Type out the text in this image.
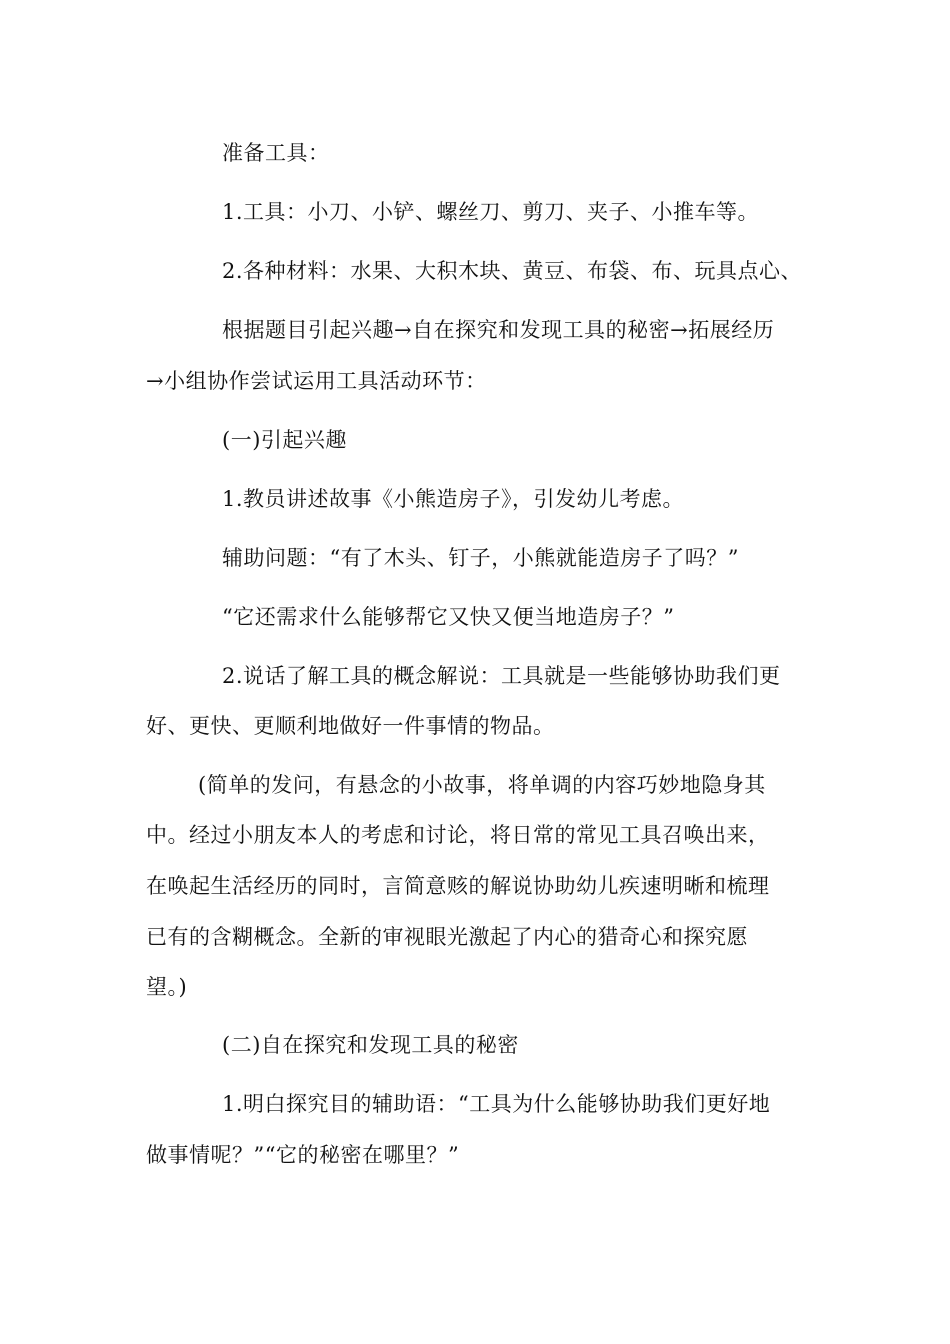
准备工具：
1.工具：小刀、小铲、螺丝刀、剪刀、夹子、小推车等。
2.各种材料：水果、大积木块、黄豆、布袋、布、玩具点心、
根据题目引起兴趣→自在探究和发现工具的秘密→拓展经历
→小组协作尝试运用工具活动环节：
(一)引起兴趣
1.教员讲述故事《小熊造房子》，引发幼儿考虑。
辅助问题：“有了木头、钉子，小熊就能造房子了吗？”
“它还需求什么能够帮它又快又便当地造房子？”
2.说话了解工具的概念解说：工具就是一些能够协助我们更
好、更快、更顺利地做好一件事情的物品。
(简单的发问，有悬念的小故事，将单调的内容巧妙地隐身其
中。经过小朋友本人的考虑和讨论，将日常的常见工具召唤出来，
在唤起生活经历的同时，言简意赅的解说协助幼儿疾速明晰和梳理
已有的含糊概念。全新的审视眼光激起了内心的猎奇心和探究愿
望。)
(二)自在探究和发现工具的秘密
1.明白探究目的辅助语：“工具为什么能够协助我们更好地
做事情呢？”“它的秘密在哪里？”
